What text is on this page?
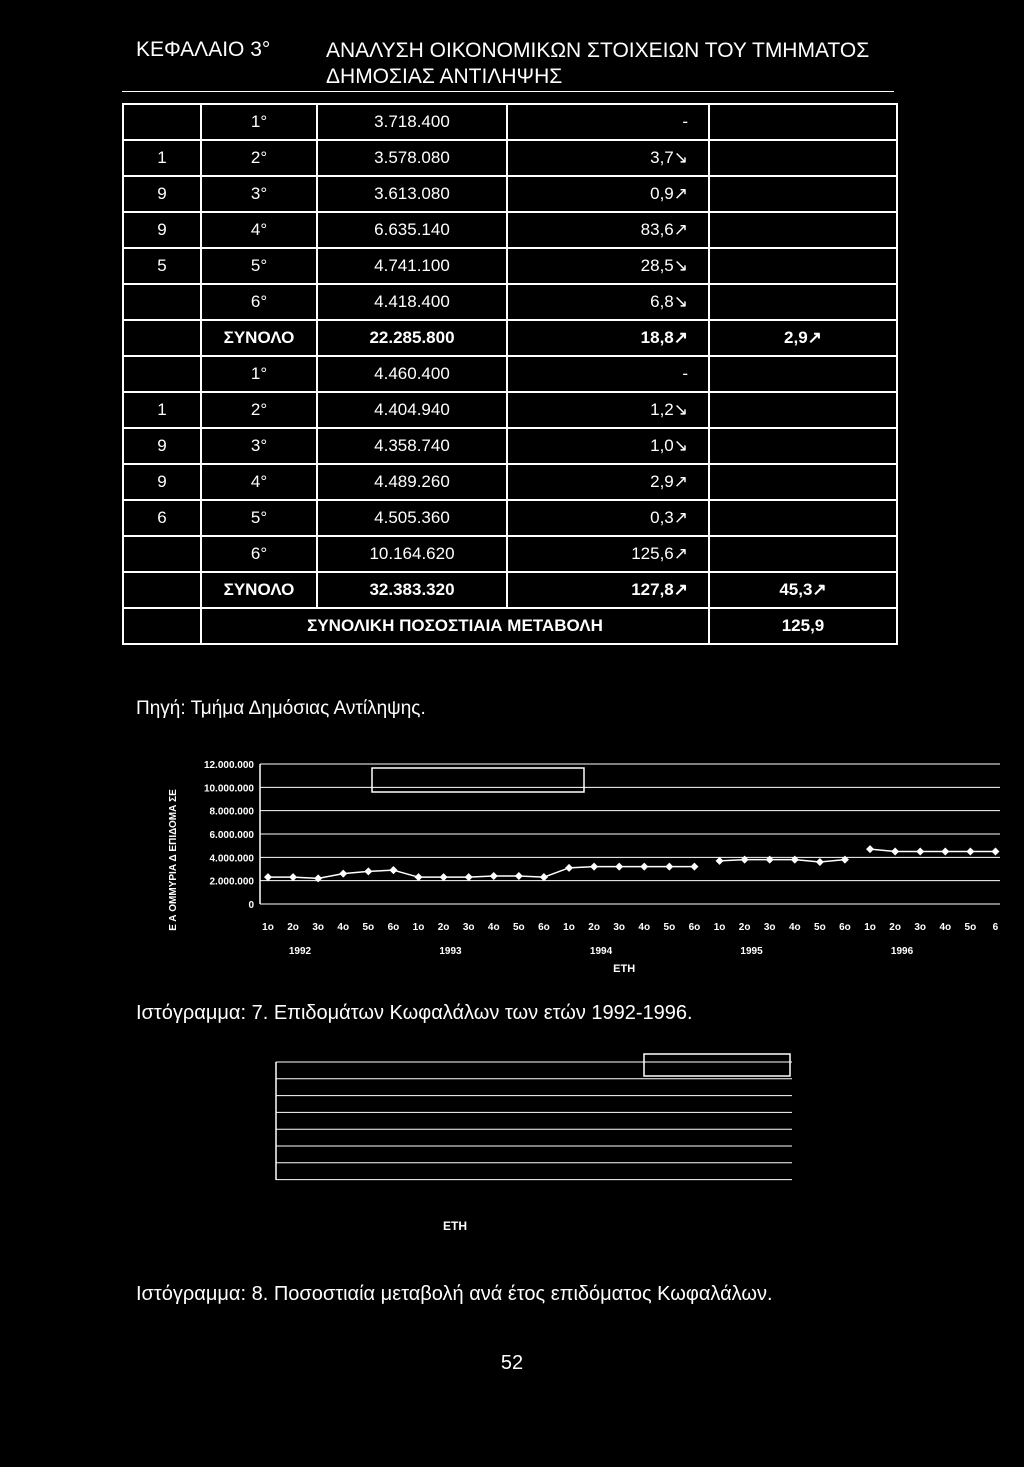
ΚΕΦΑΛΑΙΟ 3°	ΑΝΑΛΥΣΗ ΟΙΚΟΝΟΜΙΚΩΝ ΣΤΟΙΧΕΙΩΝ ΤΟΥ ΤΜΗΜΑΤΟΣ
ΔΗΜΟΣΙΑΣ ΑΝΤΙΛΗΨΗΣ
	1°	3.718.400	-	
1	2°	3.578.080	3,7↘	
9	3°	3.613.080	0,9↗	
9	4°	6.635.140	83,6↗	
5	5°	4.741.100	28,5↘	
	6°	4.418.400	6,8↘	
	ΣΥΝΟΛΟ	22.285.800	18,8↗	2,9↗
	1°	4.460.400	-	
1	2°	4.404.940	1,2↘	
9	3°	4.358.740	1,0↘	
9	4°	4.489.260	2,9↗	
6	5°	4.505.360	0,3↗	
	6°	10.164.620	125,6↗	
	ΣΥΝΟΛΟ	32.383.320	127,8↗	45,3↗
	ΣΥΝΟΛΙΚΗ ΠΟΣΟΣΤΙΑΙΑ ΜΕΤΑΒΟΛΗ			125,9
Πηγή: Τμήμα Δημόσιας Αντίληψης.
12.000.000
10.000.000
8.000.000
6.000.000
4.000.000
2.000.000
0
1o 2o 3o 4o 5o 6o 1o 2o 3o 4o 5o 6o 1o 2o 3o 4o 5o 6o 1o 2o 3o 4o 5o 6o 1o 2o 3o 4o 5o 6
1992	1993	1994	1995	1996
ΕΤΗ
Ε Α ΟΜΜΥΡΙΑ Δ ΕΠΙΔΟΜΑ ΣΕ
Ιστόγραμμα: 7. Επιδομάτων Κωφαλάλων των ετών 1992-1996.
ΕΤΗ
Ιστόγραμμα: 8. Ποσοστιαία μεταβολή ανά έτος επιδόματος Κωφαλάλων.
52
